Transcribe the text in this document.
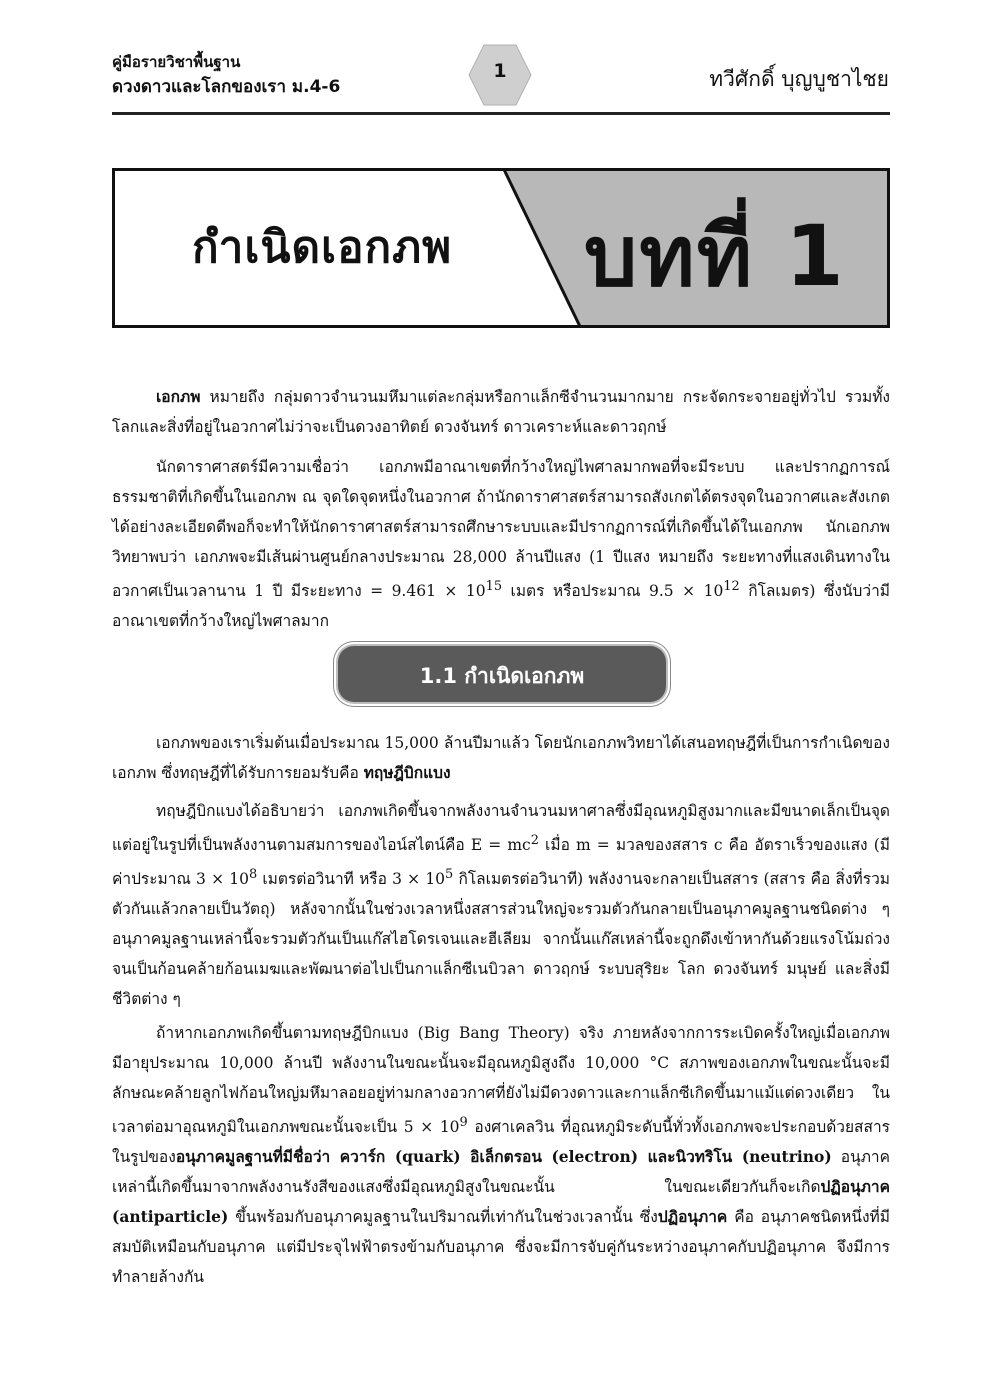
คู่มือรายวิชาพื้นฐาน
ดวงดาวและโลกของเรา ม.4-6
1	ทวีศักดิ์ บุญบูชาไชย
กำเนิดเอกภพ บทที่ 1

เอกภพ หมายถึง กลุ่มดาวจำนวนมหึมาแต่ละกลุ่มหรือกาแล็กซีจำนวนมากมาย กระจัดกระจายอยู่ทั่วไป รวมทั้งโลกและสิ่งที่อยู่ในอวกาศไม่ว่าจะเป็นดวงอาทิตย์ ดวงจันทร์ ดาวเคราะห์และดาวฤกษ์

นักดาราศาสตร์มีความเชื่อว่า เอกภพมีอาณาเขตที่กว้างใหญ่ไพศาลมากพอที่จะมีระบบ และปรากฏการณ์ธรรมชาติที่เกิดขึ้นในเอกภพ ณ จุดใดจุดหนึ่งในอวกาศ ถ้านักดาราศาสตร์สามารถสังเกตได้ตรงจุดในอวกาศและสังเกตได้อย่างละเอียดดีพอก็จะทำให้นักดาราศาสตร์สามารถศึกษาระบบและมีปรากฏการณ์ที่เกิดขึ้นได้ในเอกภพ นักเอกภพวิทยาพบว่า เอกภพจะมีเส้นผ่านศูนย์กลางประมาณ 28,000 ล้านปีแสง (1 ปีแสง หมายถึง ระยะทางที่แสงเดินทางในอวกาศเป็นเวลานาน 1 ปี มีระยะทาง = $9.461 \times 10^{15}$ เมตร หรือประมาณ $9.5 \times 10^{12}$ กิโลเมตร) ซึ่งนับว่ามีอาณาเขตที่กว้างใหญ่ไพศาลมาก

1.1 กำเนิดเอกภพ

เอกภพของเราเริ่มต้นเมื่อประมาณ 15,000 ล้านปีมาแล้ว โดยนักเอกภพวิทยาได้เสนอทฤษฎีที่เป็นการกำเนิดของเอกภพ ซึ่งทฤษฎีที่ได้รับการยอมรับคือ ทฤษฎีบิกแบง

ทฤษฎีบิกแบงได้อธิบายว่า เอกภพเกิดขึ้นจากพลังงานจำนวนมหาศาลซึ่งมีอุณหภูมิสูงมากและมีขนาดเล็กเป็นจุด แต่อยู่ในรูปที่เป็นพลังงานตามสมการของไอน์สไตน์คือ $E = mc^2$ เมื่อ m = มวลของสสาร c คือ อัตราเร็วของแสง (มีค่าประมาณ $3 \times 10^8$ เมตรต่อวินาที หรือ $3 \times 10^5$ กิโลเมตรต่อวินาที) พลังงานจะกลายเป็นสสาร (สสาร คือ สิ่งที่รวมตัวกันแล้วกลายเป็นวัตถุ) หลังจากนั้นในช่วงเวลาหนึ่งสสารส่วนใหญ่จะรวมตัวกันกลายเป็นอนุภาคมูลฐานชนิดต่าง ๆอนุภาคมูลฐานเหล่านี้จะรวมตัวกันเป็นแก๊สไฮโดรเจนและฮีเลียม จากนั้นแก๊สเหล่านี้จะถูกดึงเข้าหากันด้วยแรงโน้มถ่วงจนเป็นก้อนคล้ายก้อนเมฆและพัฒนาต่อไปเป็นกาแล็กซีเนบิวลา ดาวฤกษ์ ระบบสุริยะ โลก ดวงจันทร์ มนุษย์ และสิ่งมีชีวิตต่าง ๆ

ถ้าหากเอกภพเกิดขึ้นตามทฤษฎีบิกแบง (Big Bang Theory) จริง ภายหลังจากการระเบิดครั้งใหญ่เมื่อเอกภพมีอายุประมาณ 10,000 ล้านปี พลังงานในขณะนั้นจะมีอุณหภูมิสูงถึง 10,000 °C สภาพของเอกภพในขณะนั้นจะมีลักษณะคล้ายลูกไฟก้อนใหญ่มหึมาลอยอยู่ท่ามกลางอวกาศที่ยังไม่มีดวงดาวและกาแล็กซีเกิดขึ้นมาแม้แต่ดวงเดียว ในเวลาต่อมาอุณหภูมิในเอกภพขณะนั้นจะเป็น $5 \times 10^9$ องศาเคลวิน ที่อุณหภูมิระดับนี้ทั่วทั้งเอกภพจะประกอบด้วยสสารในรูปของอนุภาคมูลฐานที่มีชื่อว่า ควาร์ก (quark) อิเล็กตรอน (electron) และนิวทริโน (neutrino) อนุภาคเหล่านี้เกิดขึ้นมาจากพลังงานรังสีของแสงซึ่งมีอุณหภูมิสูงในขณะนั้น ในขณะเดียวกันก็จะเกิดปฏิอนุภาค (antiparticle) ขึ้นพร้อมกับอนุภาคมูลฐานในปริมาณที่เท่ากันในช่วงเวลานั้น ซึ่งปฏิอนุภาค คือ อนุภาคชนิดหนึ่งที่มีสมบัติเหมือนกับอนุภาค แต่มีประจุไฟฟ้าตรงข้ามกับอนุภาค ซึ่งจะมีการจับคู่กันระหว่างอนุภาคกับปฏิอนุภาค จึงมีการทำลายล้างกัน
